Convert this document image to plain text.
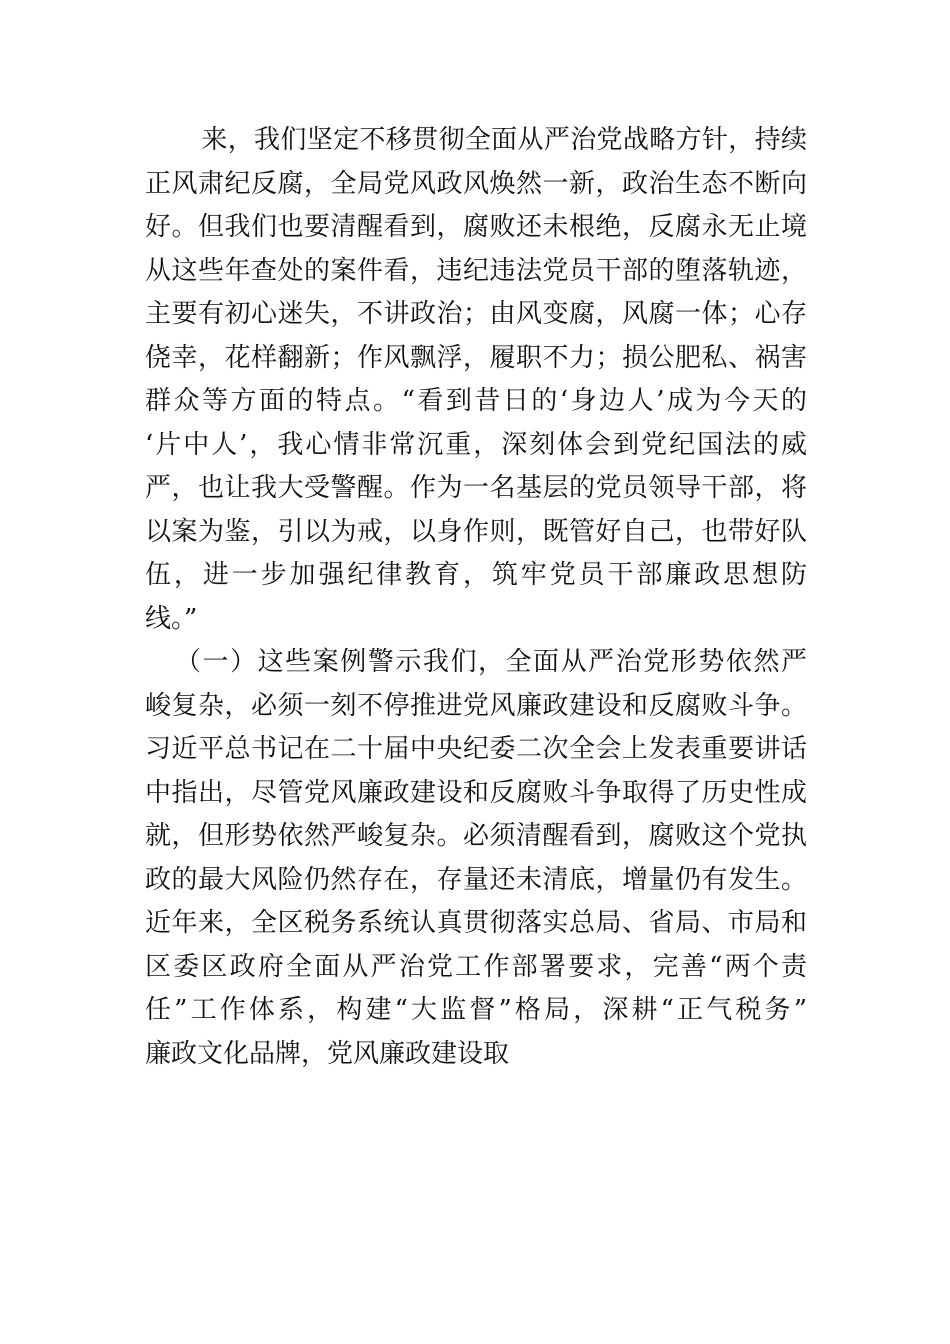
　来，我们坚定不移贯彻全面从严治党战略方针，持续
正风肃纪反腐，全局党风政风焕然一新，政治生态不断向
好。但我们也要清醒看到，腐败还未根绝，反腐永无止境
从这些年查处的案件看，违纪违法党员干部的堕落轨迹，
主要有初心迷失，不讲政治；由风变腐，风腐一体；心存
侥幸，花样翻新；作风飘浮，履职不力；损公肥私、祸害
群众等方面的特点。“看到昔日的‘身边人’成为今天的
‘片中人’，我心情非常沉重，深刻体会到党纪国法的威
严，也让我大受警醒。作为一名基层的党员领导干部，将
以案为鉴，引以为戒，以身作则，既管好自己，也带好队
伍，进一步加强纪律教育，筑牢党员干部廉政思想防
线。”
（一）这些案例警示我们，全面从严治党形势依然严
峻复杂，必须一刻不停推进党风廉政建设和反腐败斗争。
习近平总书记在二十届中央纪委二次全会上发表重要讲话
中指出，尽管党风廉政建设和反腐败斗争取得了历史性成
就，但形势依然严峻复杂。必须清醒看到，腐败这个党执
政的最大风险仍然存在，存量还未清底，增量仍有发生。
近年来，全区税务系统认真贯彻落实总局、省局、市局和
区委区政府全面从严治党工作部署要求，完善“两个责
任”工作体系，构建“大监督”格局，深耕“正气税务”
廉政文化品牌，党风廉政建设取
